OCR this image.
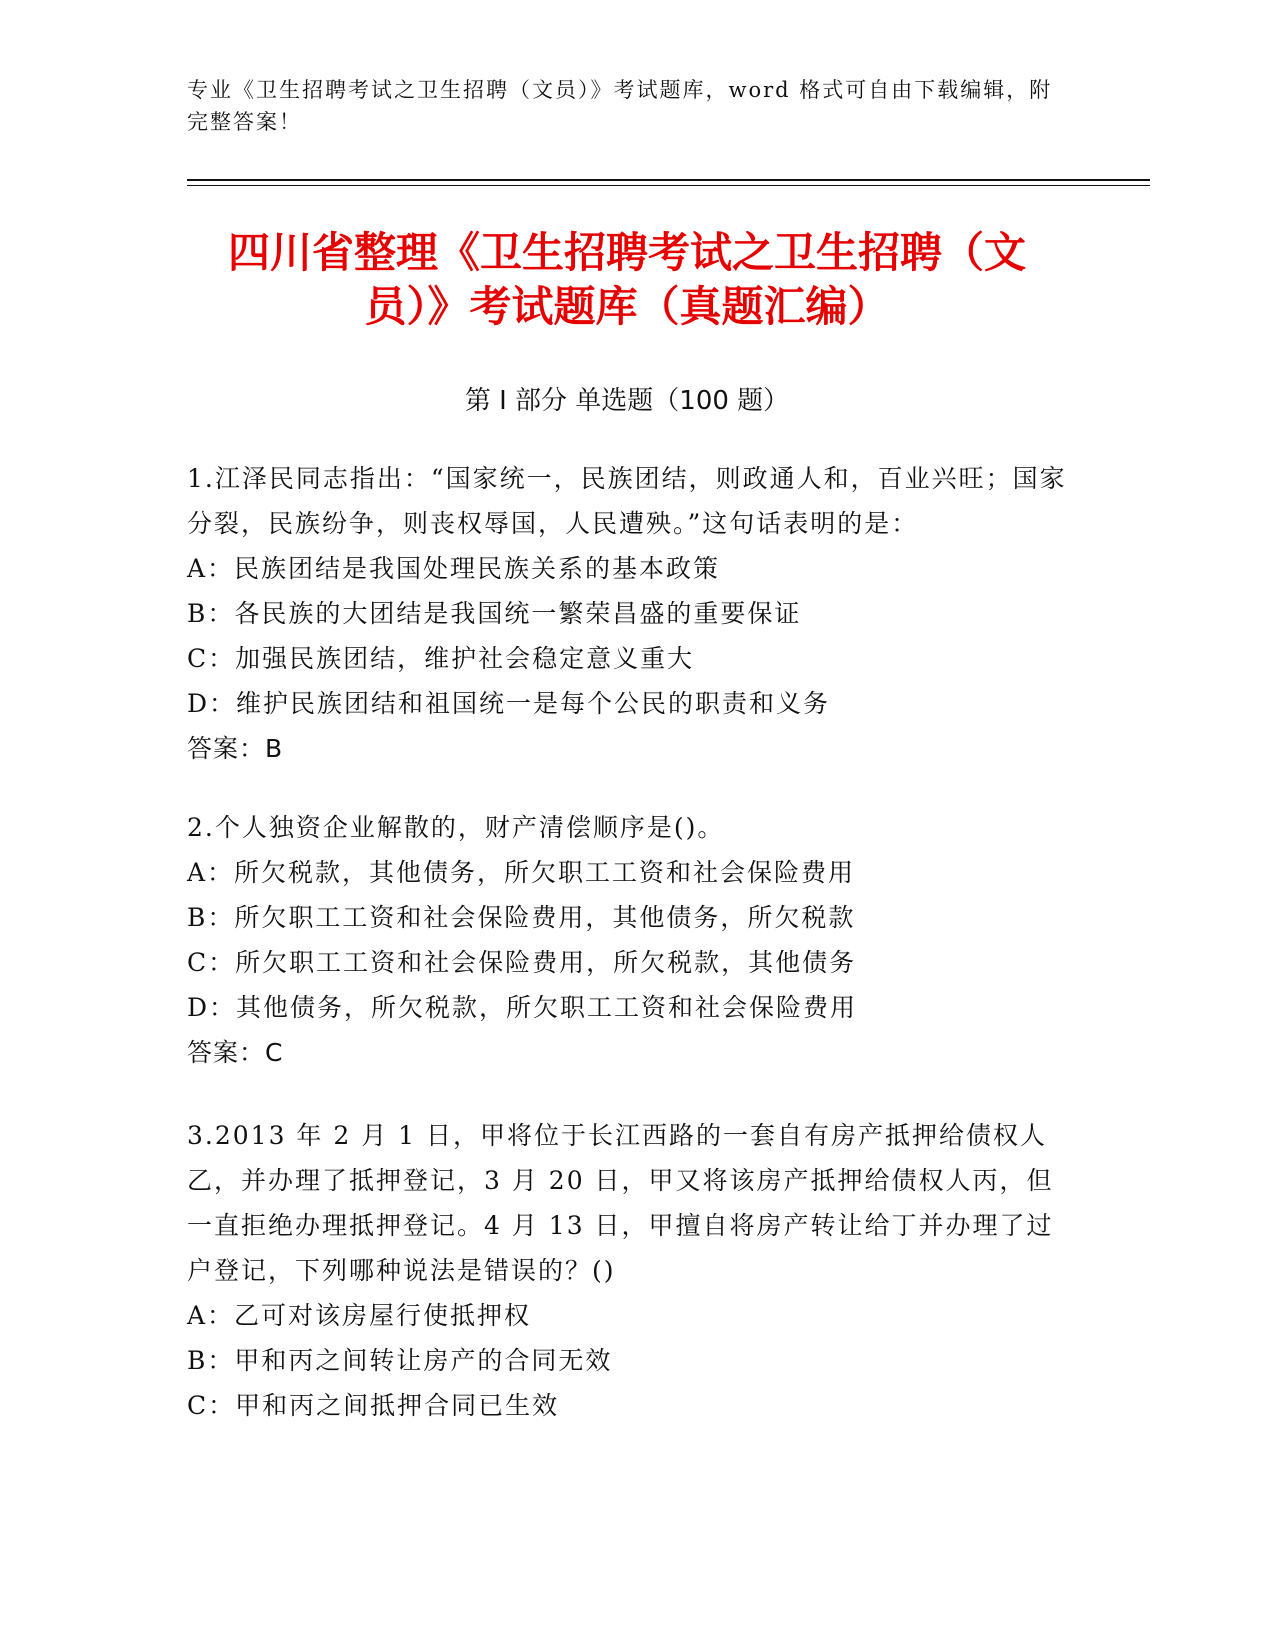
专业《卫生招聘考试之卫生招聘（文员）》考试题库，word 格式可自由下载编辑，附完整答案！
四川省整理《卫生招聘考试之卫生招聘（文员）》考试题库（真题汇编）
第 I 部分 单选题（100 题）

1.江泽民同志指出：“国家统一，民族团结，则政通人和，百业兴旺；国家分裂，民族纷争，则丧权辱国，人民遭殃。”这句话表明的是：

A：民族团结是我国处理民族关系的基本政策

B：各民族的大团结是我国统一繁荣昌盛的重要保证

C：加强民族团结，维护社会稳定意义重大

D：维护民族团结和祖国统一是每个公民的职责和义务

答案：B

2.个人独资企业解散的，财产清偿顺序是()。

A：所欠税款，其他债务，所欠职工工资和社会保险费用

B：所欠职工工资和社会保险费用，其他债务，所欠税款

C：所欠职工工资和社会保险费用，所欠税款，其他债务

D：其他债务，所欠税款，所欠职工工资和社会保险费用

答案：C

3.2013 年 2 月 1 日，甲将位于长江西路的一套自有房产抵押给债权人乙，并办理了抵押登记，3 月 20 日，甲又将该房产抵押给债权人丙，但一直拒绝办理抵押登记。4 月 13 日，甲擅自将房产转让给丁并办理了过户登记，下列哪种说法是错误的？()

A：乙可对该房屋行使抵押权

B：甲和丙之间转让房产的合同无效

C：甲和丙之间抵押合同已生效
